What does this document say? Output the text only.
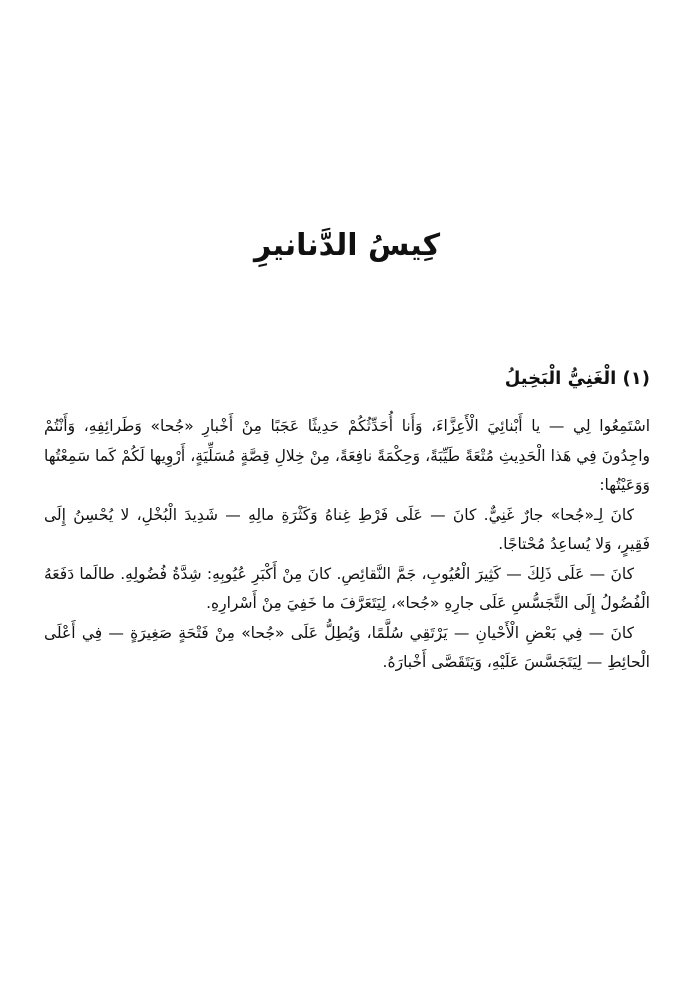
كِيسُ الدَّنانيرِ
(١) الْغَنِيُّ الْبَخِيلُ

اسْتَمِعُوا لِي — يا أَبْنائِيَ الْأَعِزَّاءَ، وَأَنا أُحَدِّثُكُمْ حَدِيثًا عَجَبًا مِنْ أَخْبارِ «جُحا» وَطَرائِفِهِ، وَأَنْتُمْ واجِدُونَ فِي هَذا الْحَدِيثِ مُتْعَةً طَيِّبَةً، وَحِكْمَةً نافِعَةً، مِنْ خِلالِ قِصَّةٍ مُسَلِّيَةٍ، أَرْوِيها لَكُمْ كَما سَمِعْتُها وَوَعَيْتُها:

كانَ لِـ«جُحا» جارٌ غَنِيٌّ. كانَ — عَلَى فَرْطِ غِناهُ وَكَثْرَةِ مالِهِ — شَدِيدَ الْبُخْلِ، لا يُحْسِنُ إِلَى فَقِيرٍ، وَلا يُساعِدُ مُحْتاجًا.

كانَ — عَلَى ذَلِكَ — كَثِيرَ الْعُيُوبِ، جَمَّ النَّقائِصِ. كانَ مِنْ أَكْبَرِ عُيُوبِهِ: شِدَّةُ فُضُولِهِ. طالَما دَفَعَهُ الْفُضُولُ إِلَى التَّجَسُّسِ عَلَى جارِهِ «جُحا»، لِيَتَعَرَّفَ ما خَفِيَ مِنْ أَسْرارِهِ.

كانَ — فِي بَعْضِ الْأَحْيانِ — يَرْتَقِي سُلَّمًا، وَيُطِلُّ عَلَى «جُحا» مِنْ فَتْحَةٍ صَغِيرَةٍ — فِي أَعْلَى الْحائِطِ — لِيَتَجَسَّسَ عَلَيْهِ، وَيَتَقَصَّى أَخْبارَهُ.
